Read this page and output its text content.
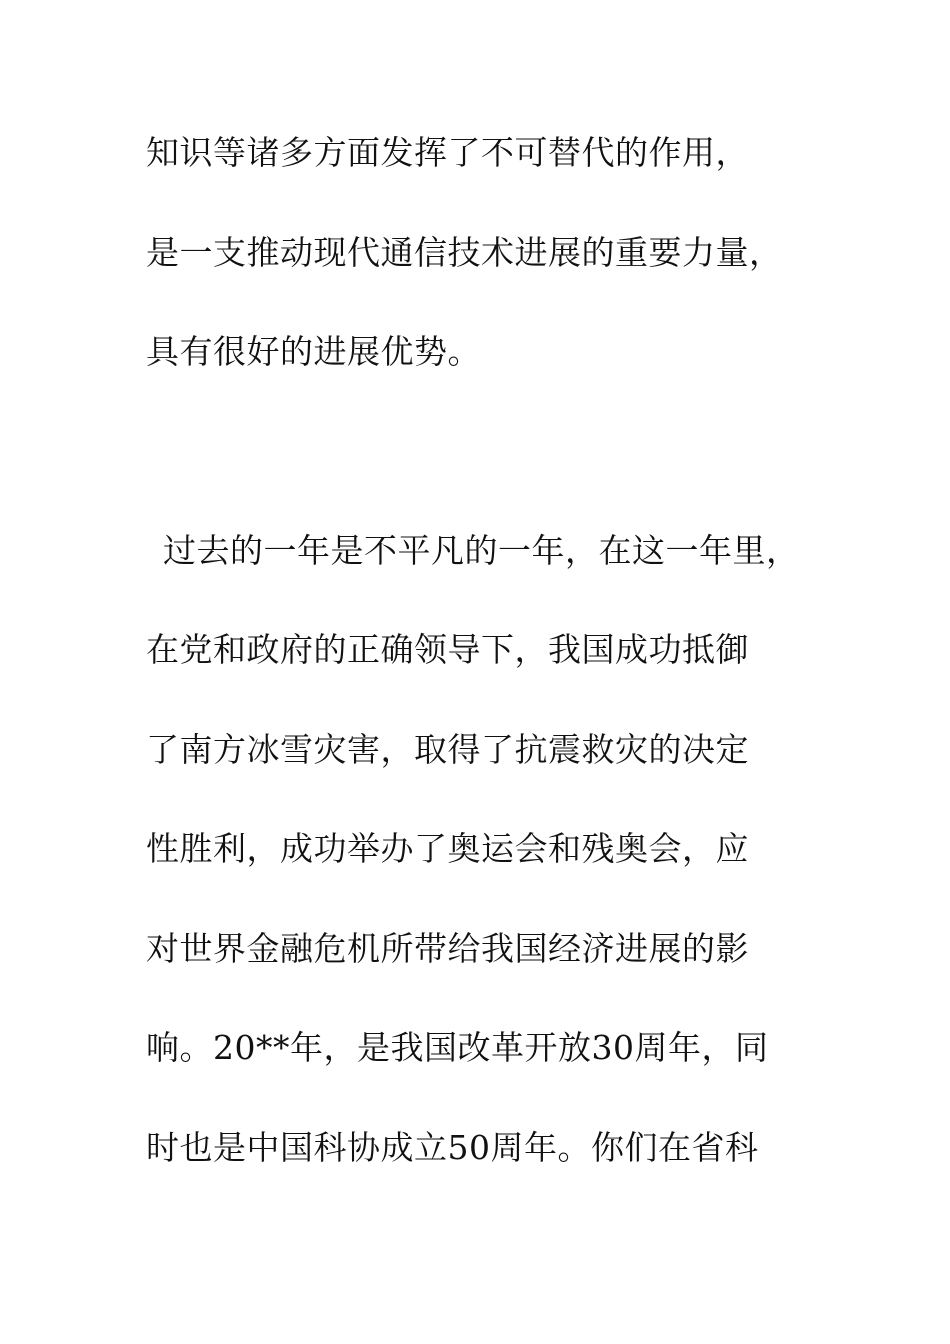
知识等诸多方面发挥了不可替代的作用，
是一支推动现代通信技术进展的重要力量，
具有很好的进展优势。
过去的一年是不平凡的一年，在这一年里，
在党和政府的正确领导下，我国成功抵御
了南方冰雪灾害，取得了抗震救灾的决定
性胜利，成功举办了奥运会和残奥会，应
对世界金融危机所带给我国经济进展的影
响。20**年，是我国改革开放30周年，同
时也是中国科协成立50周年。你们在省科
